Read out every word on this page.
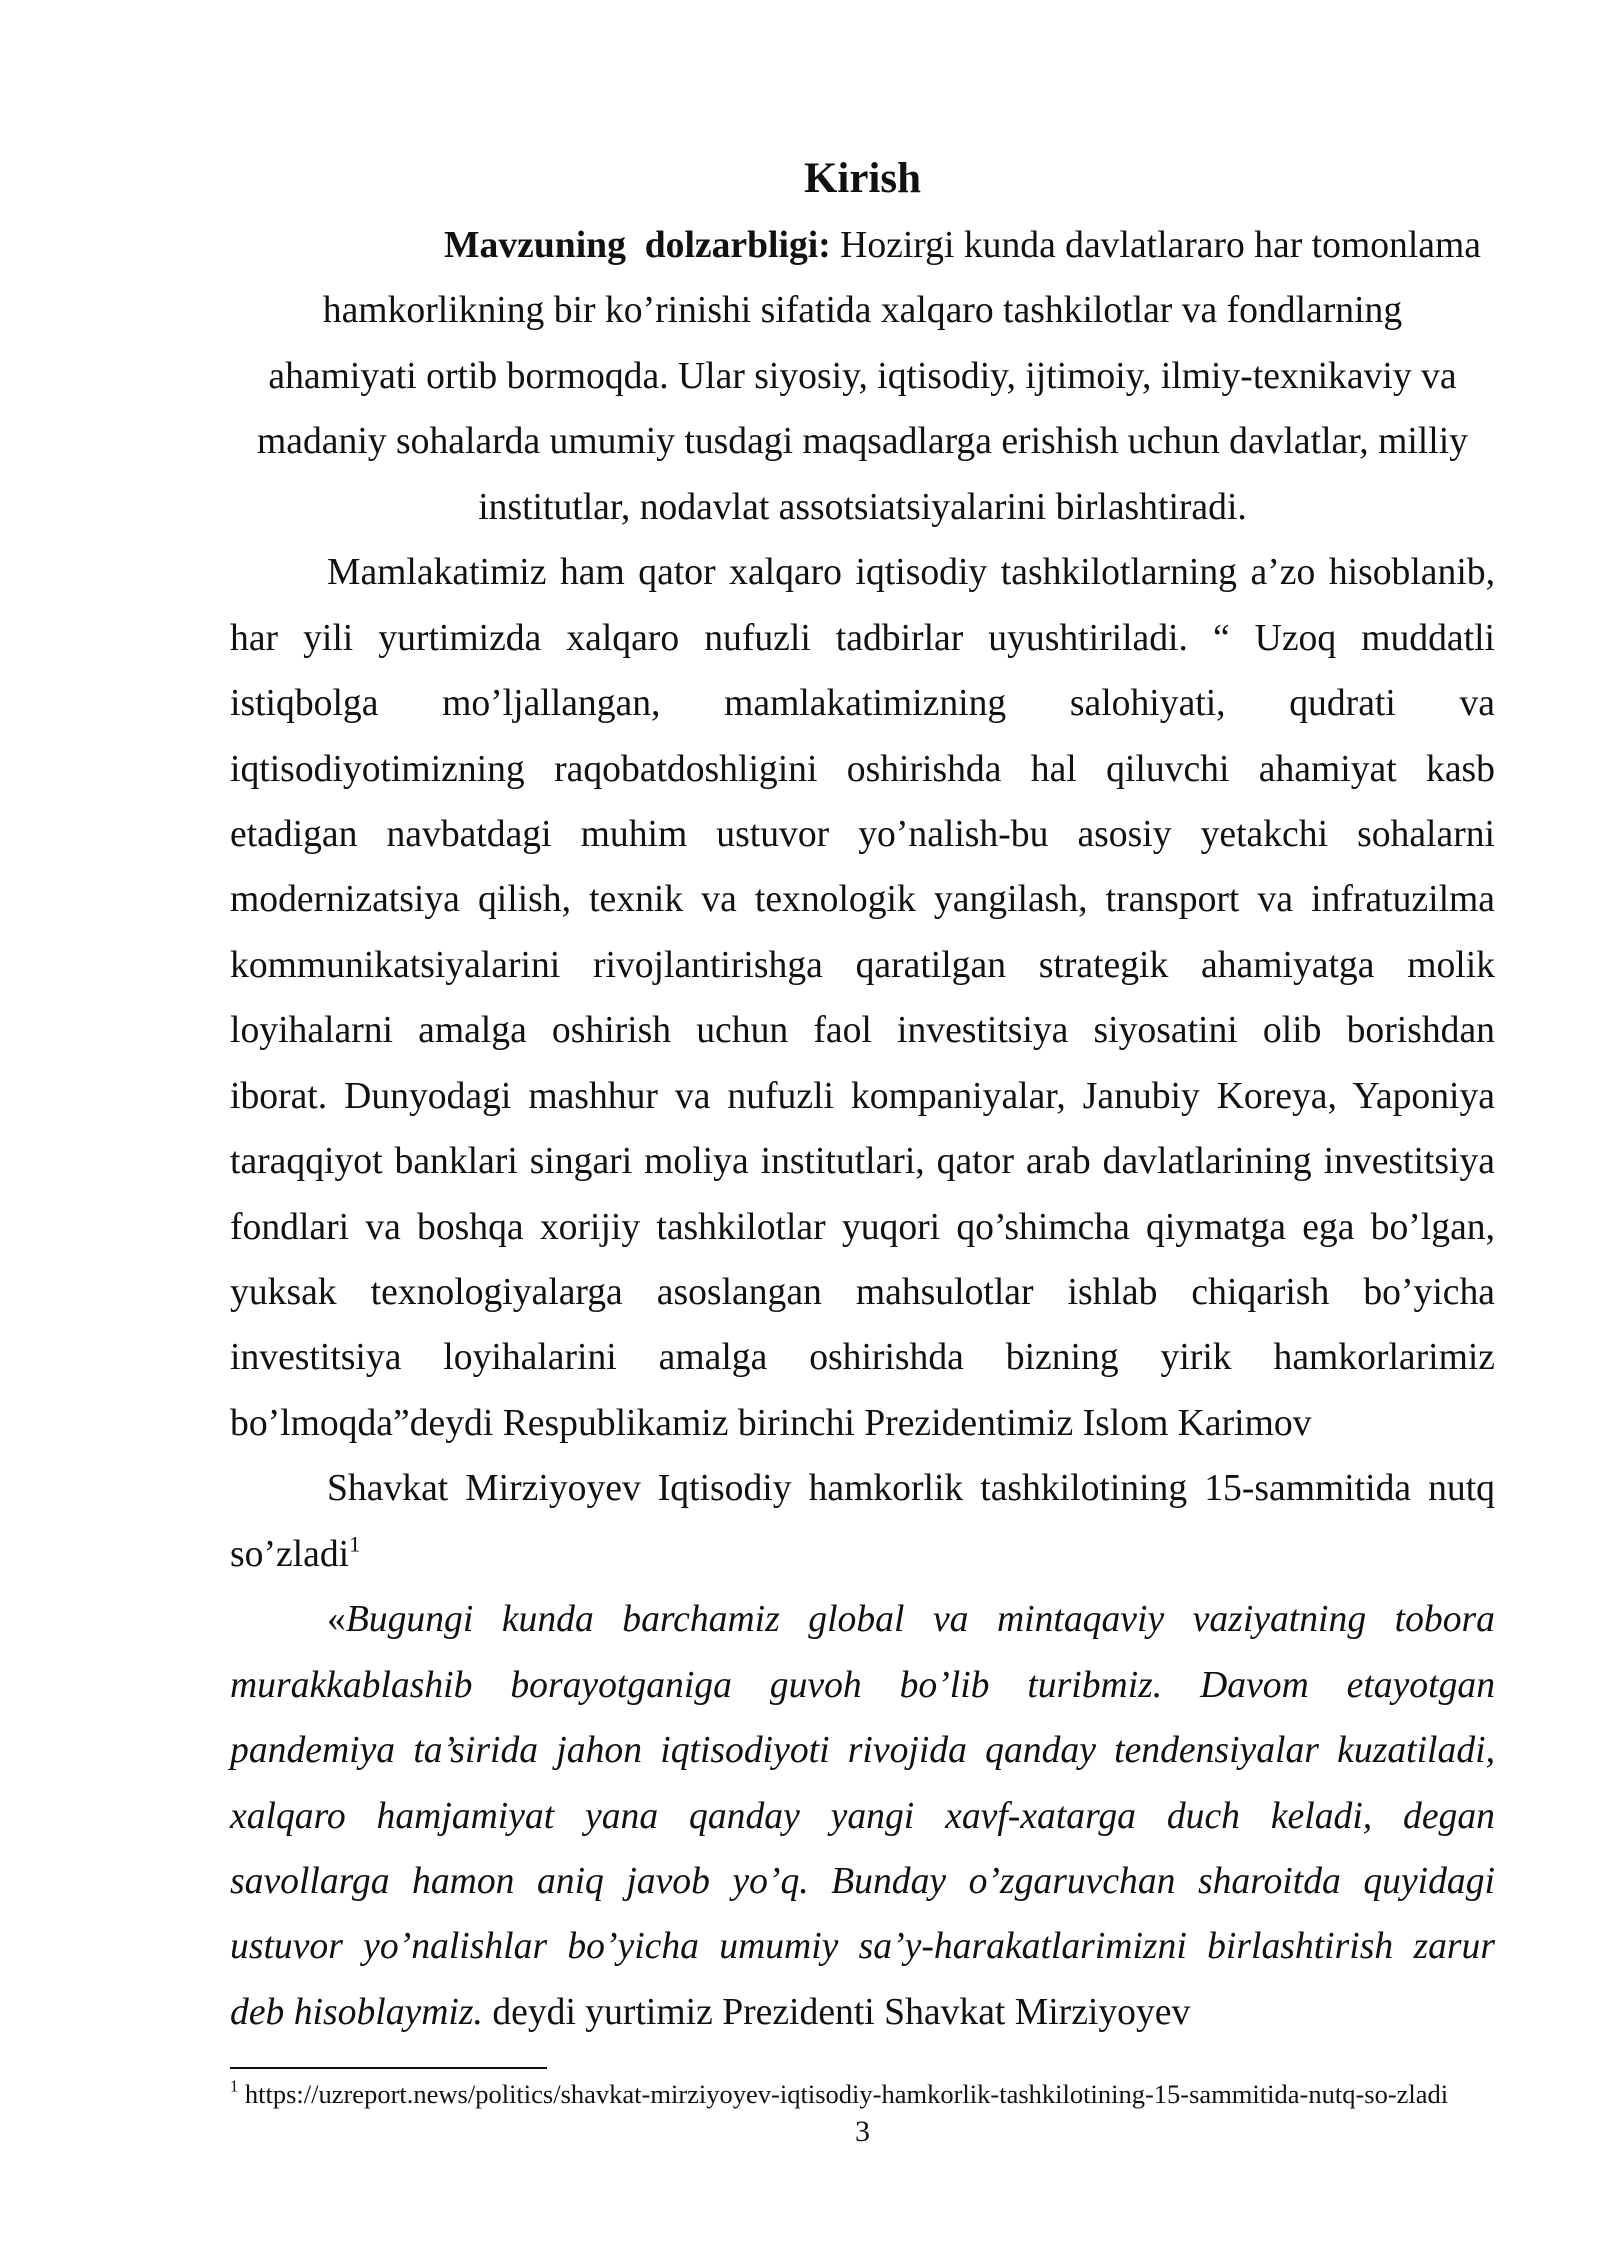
Kirish
Mavzuning  dolzarbligi: Hozirgi kunda davlatlararo har tomonlama
hamkorlikning bir ko’rinishi sifatida xalqaro tashkilotlar va fondlarning
ahamiyati ortib bormoqda. Ular siyosiy, iqtisodiy, ijtimoiy, ilmiy-texnikaviy va
madaniy sohalarda umumiy tusdagi maqsadlarga erishish uchun davlatlar, milliy
institutlar, nodavlat assotsiatsiyalarini birlashtiradi.
Mamlakatimiz ham qator xalqaro iqtisodiy tashkilotlarning a’zo hisoblanib,
har yili yurtimizda xalqaro nufuzli tadbirlar uyushtiriladi. “ Uzoq muddatli
istiqbolga mo’ljallangan, mamlakatimizning salohiyati, qudrati va
iqtisodiyotimizning raqobatdoshligini oshirishda hal qiluvchi ahamiyat kasb
etadigan navbatdagi muhim ustuvor yo’nalish-bu asosiy yetakchi sohalarni
modernizatsiya qilish, texnik va texnologik yangilash, transport va infratuzilma
kommunikatsiyalarini rivojlantirishga qaratilgan strategik ahamiyatga molik
loyihalarni amalga oshirish uchun faol investitsiya siyosatini olib borishdan
iborat. Dunyodagi mashhur va nufuzli kompaniyalar, Janubiy Koreya, Yaponiya
taraqqiyot banklari singari moliya institutlari, qator arab davlatlarining investitsiya
fondlari va boshqa xorijiy tashkilotlar yuqori qo’shimcha qiymatga ega bo’lgan,
yuksak texnologiyalarga asoslangan mahsulotlar ishlab chiqarish bo’yicha
investitsiya loyihalarini amalga oshirishda bizning yirik hamkorlarimiz
bo’lmoqda”deydi Respublikamiz birinchi Prezidentimiz Islom Karimov
Shavkat Mirziyoyev Iqtisodiy hamkorlik tashkilotining 15-sammitida nutq
so’zladi$^1$
«Bugungi kunda barchamiz global va mintaqaviy vaziyatning tobora
murakkablashib borayotganiga guvoh bo’lib turibmiz. Davom etayotgan
pandemiya ta’sirida jahon iqtisodiyoti rivojida qanday tendensiyalar kuzatiladi,
xalqaro hamjamiyat yana qanday yangi xavf-xatarga duch keladi, degan
savollarga hamon aniq javob yo’q. Bunday o’zgaruvchan sharoitda quyidagi
ustuvor yo’nalishlar bo’yicha umumiy sa’y-harakatlarimizni birlashtirish zarur
deb hisoblaymiz. deydi yurtimiz Prezidenti Shavkat Mirziyoyev
$^1$ https://uzreport.news/politics/shavkat-mirziyoyev-iqtisodiy-hamkorlik-tashkilotining-15-sammitida-nutq-so-zladi
3
